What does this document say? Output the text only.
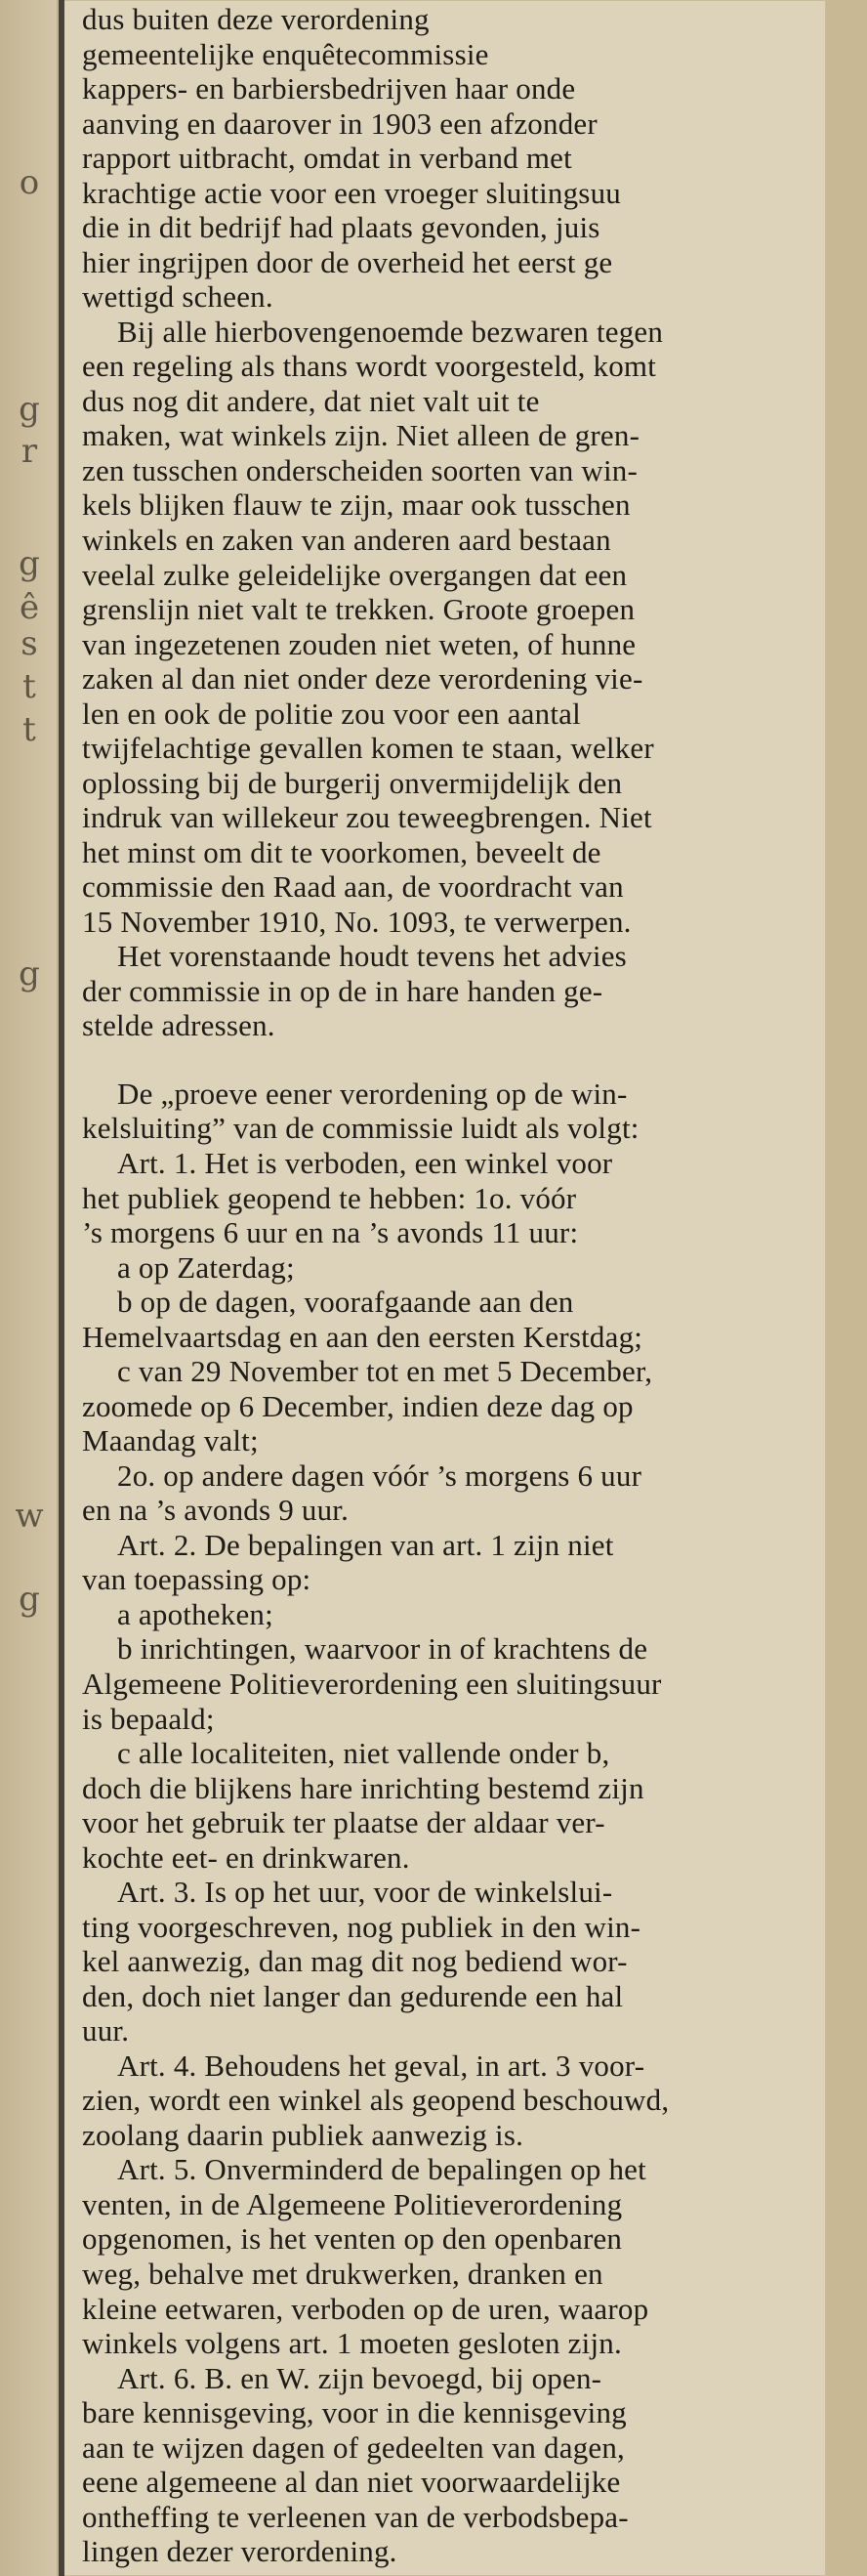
o
g
r
g
ê
s
t
t
g
w
g
dus buiten deze verordening
gemeentelijke enquêtecommissie
kappers- en barbiersbedrijven haar onde
aanving en daarover in 1903 een afzonder
rapport uitbracht, omdat in verband met
krachtige actie voor een vroeger sluitingsuu
die in dit bedrijf had plaats gevonden, juis
hier ingrijpen door de overheid het eerst ge
wettigd scheen.
Bij alle hierbovengenoemde bezwaren tegen
een regeling als thans wordt voorgesteld, komt
dus nog dit andere, dat niet valt uit te
maken, wat winkels zijn. Niet alleen de gren-
zen tusschen onderscheiden soorten van win-
kels blijken flauw te zijn, maar ook tusschen
winkels en zaken van anderen aard bestaan
veelal zulke geleidelijke overgangen dat een
grenslijn niet valt te trekken. Groote groepen
van ingezetenen zouden niet weten, of hunne
zaken al dan niet onder deze verordening vie-
len en ook de politie zou voor een aantal
twijfelachtige gevallen komen te staan, welker
oplossing bij de burgerij onvermijdelijk den
indruk van willekeur zou teweegbrengen. Niet
het minst om dit te voorkomen, beveelt de
commissie den Raad aan, de voordracht van
15 November 1910, No. 1093, te verwerpen.
Het vorenstaande houdt tevens het advies
der commissie in op de in hare handen ge-
stelde adressen.
De „proeve eener verordening op de win-
kelsluiting” van de commissie luidt als volgt:
Art. 1. Het is verboden, een winkel voor
het publiek geopend te hebben: 1o. vóór
’s morgens 6 uur en na ’s avonds 11 uur:
a op Zaterdag;
b op de dagen, voorafgaande aan den
Hemelvaartsdag en aan den eersten Kerstdag;
c van 29 November tot en met 5 December,
zoomede op 6 December, indien deze dag op
Maandag valt;
2o. op andere dagen vóór ’s morgens 6 uur
en na ’s avonds 9 uur.
Art. 2. De bepalingen van art. 1 zijn niet
van toepassing op:
a apotheken;
b inrichtingen, waarvoor in of krachtens de
Algemeene Politieverordening een sluitingsuur
is bepaald;
c alle localiteiten, niet vallende onder b,
doch die blijkens hare inrichting bestemd zijn
voor het gebruik ter plaatse der aldaar ver-
kochte eet- en drinkwaren.
Art. 3. Is op het uur, voor de winkelslui-
ting voorgeschreven, nog publiek in den win-
kel aanwezig, dan mag dit nog bediend wor-
den, doch niet langer dan gedurende een hal
uur.
Art. 4. Behoudens het geval, in art. 3 voor-
zien, wordt een winkel als geopend beschouwd,
zoolang daarin publiek aanwezig is.
Art. 5. Onverminderd de bepalingen op het
venten, in de Algemeene Politieverordening
opgenomen, is het venten op den openbaren
weg, behalve met drukwerken, dranken en
kleine eetwaren, verboden op de uren, waarop
winkels volgens art. 1 moeten gesloten zijn.
Art. 6. B. en W. zijn bevoegd, bij open-
bare kennisgeving, voor in die kennisgeving
aan te wijzen dagen of gedeelten van dagen,
eene algemeene al dan niet voorwaardelijke
ontheffing te verleenen van de verbodsbepa-
lingen dezer verordening.
